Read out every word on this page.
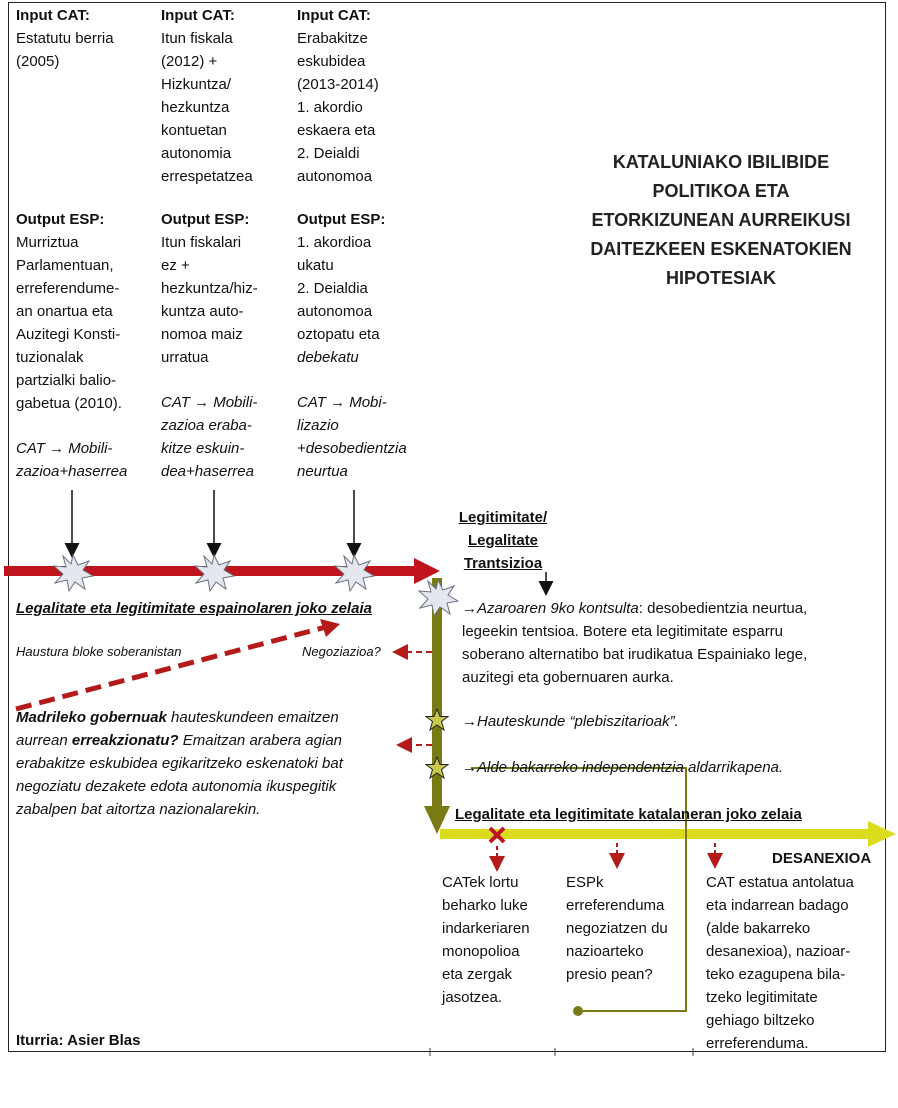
Input CAT:
Estatutu berria
(2005)
Output ESP:
Murriztua
Parlamentuan,
erreferendume-
an onartua eta
Auzitegi Konsti-
tuzionalak
partzialki balio-
gabetua (2010).
CAT → Mobili-
zazioa+haserrea
Input CAT:
Itun fiskala
(2012) +
Hizkuntza/
hezkuntza
kontuetan
autonomia
errespetatzea
Output ESP:
Itun fiskalari
ez +
hezkuntza/hiz-
kuntza auto-
nomoa maiz
urratua
CAT → Mobili-
zazioa eraba-
kitze eskuin-
dea+haserrea
Input CAT:
Erabakitze
eskubidea
(2013-2014)
1. akordio
eskaera eta
2. Deialdi
autonomoa
Output ESP:
1. akordioa
ukatu
2. Deialdia
autonomoa
oztopatu eta
debekatu
CAT → Mobi-
lizazio
+desobedientzia
neurtua
KATALUNIAKO IBILIBIDE
POLITIKOA ETA
ETORKIZUNEAN AURREIKUSI
DAITEZKEEN ESKENATOKIEN
HIPOTESIAK
Legitimitate/
Legalitate
Trantsizioa
Legalitate eta legitimitate espainolaren joko zelaia
Haustura bloke soberanistan	Negoziazioa?
→Azaroaren 9ko kontsulta: desobedientzia neurtua,
legeekin tentsioa. Botere eta legitimitate esparru
soberano alternatibo bat irudikatua Espainiako lege,
auzitegi eta gobernuaren aurka.
→Hauteskunde “plebiszitarioak”.
→Alde bakarreko independentzia aldarrikapena.
Madrileko gobernuak hauteskundeen emaitzen
aurrean erreakzionatu? Emaitzan arabera agian
erabakitze eskubidea egikaritzeko eskenatoki bat
negoziatu dezakete edota autonomia ikuspegitik
zabalpen bat aitortza nazionalarekin.	Legalitate eta legitimitate katalaneran joko zelaia
DESANEXIOA
CATek lortu
beharko luke
indarkeriaren
monopolioa
eta zergak
jasotzea.
ESPk
erreferenduma
negoziatzen du
nazioarteko
presio pean?
CAT estatua antolatua
eta indarrean badago
(alde bakarreko
desanexioa), nazioar-
teko ezagupena bila-
tzeko legitimitate
gehiago biltzeko
erreferenduma.
Iturria: Asier Blas
